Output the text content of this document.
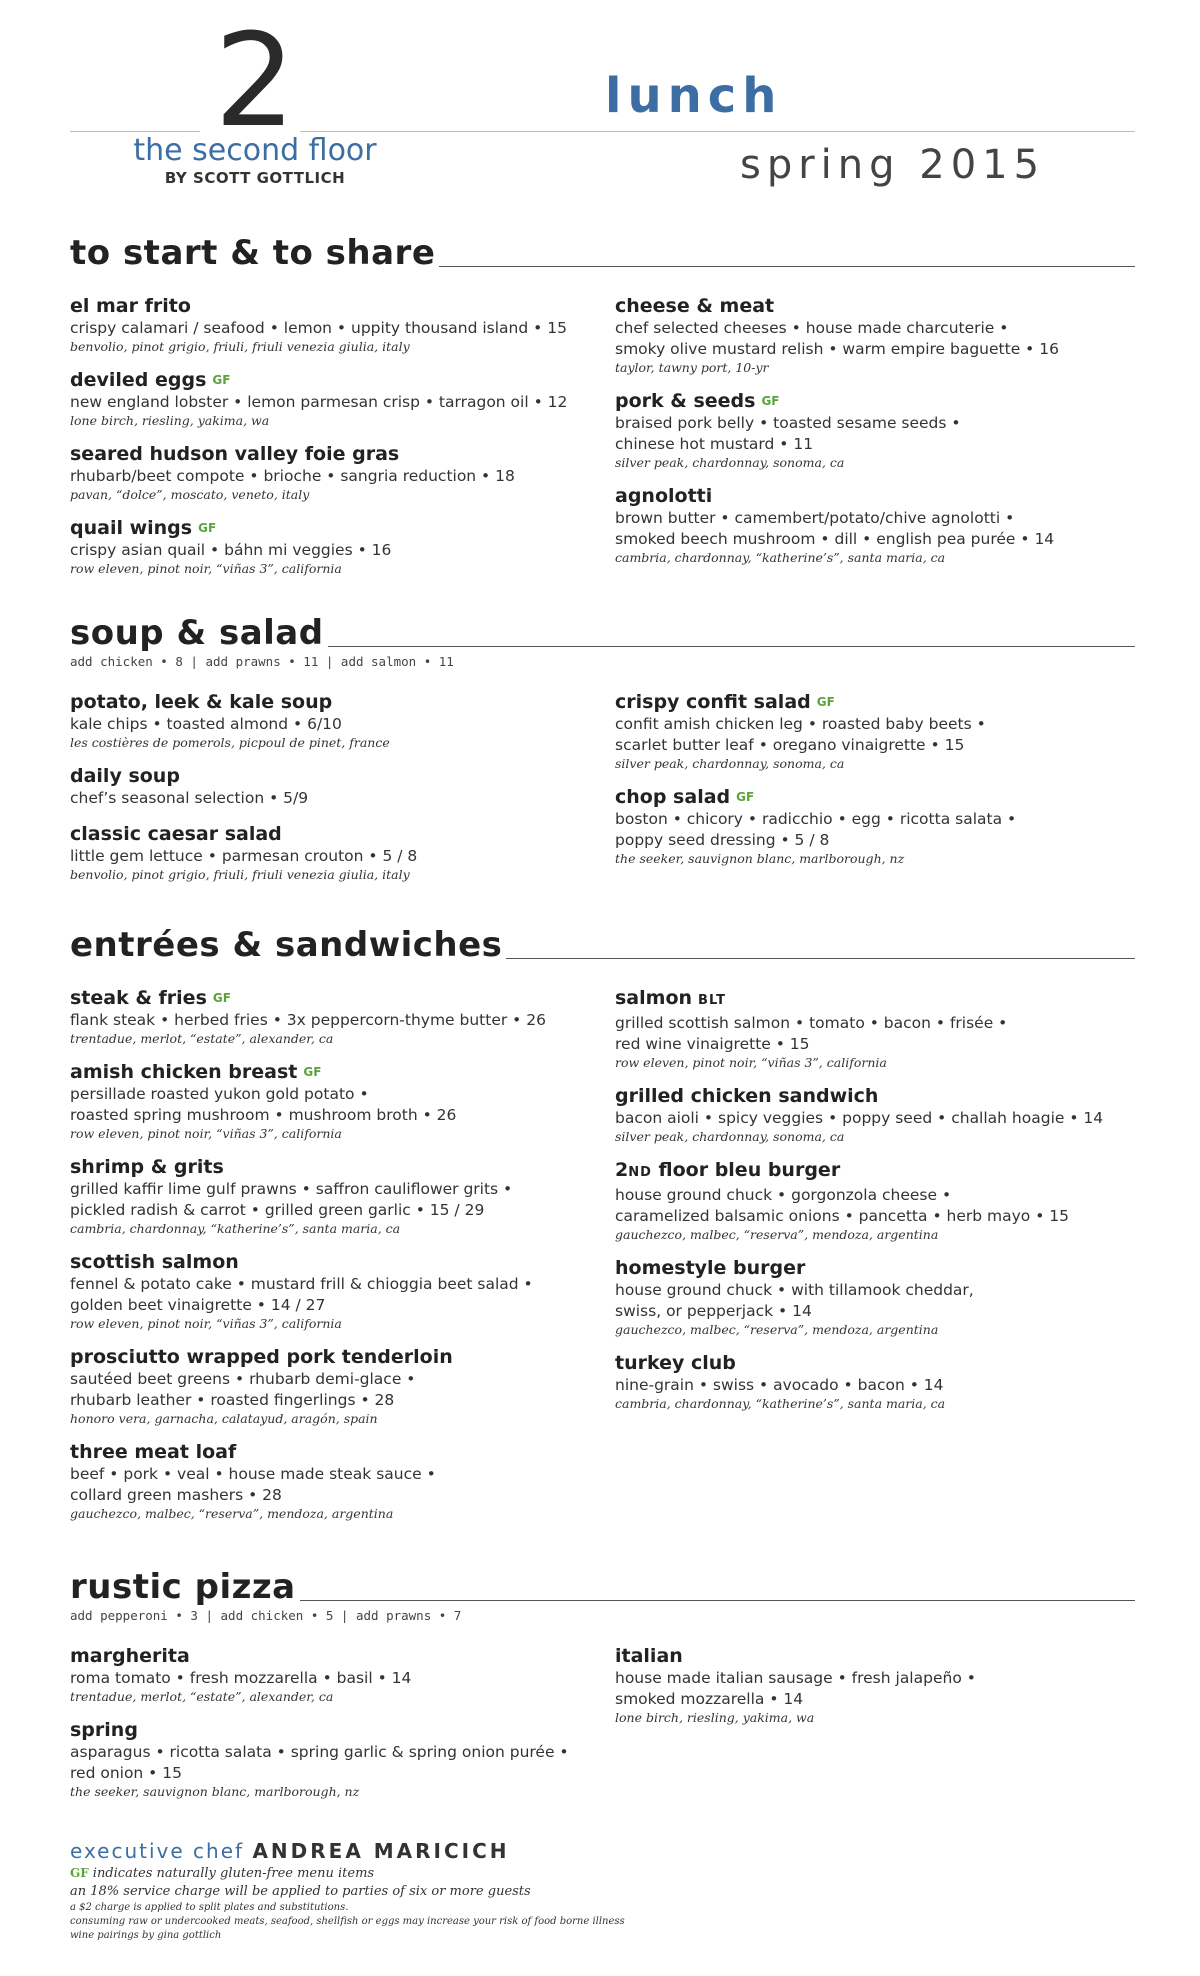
2
the second floor
BY SCOTT GOTTLICH
lunch
spring 2015
to start & to share
el mar frito
crispy calamari / seafood • lemon • uppity thousand island • 15
benvolio, pinot grigio, friuli, friuli venezia giulia, italy
deviled eggs GF
new england lobster • lemon parmesan crisp • tarragon oil • 12
lone birch, riesling, yakima, wa
seared hudson valley foie gras
rhubarb/beet compote • brioche • sangria reduction • 18
pavan, “dolce”, moscato, veneto, italy
quail wings GF
crispy asian quail • báhn mi veggies • 16
row eleven, pinot noir, “viñas 3”, california
cheese & meat
chef selected cheeses • house made charcuterie •
smoky olive mustard relish • warm empire baguette • 16
taylor, tawny port, 10-yr
pork & seeds GF
braised pork belly • toasted sesame seeds •
chinese hot mustard • 11
silver peak, chardonnay, sonoma, ca
agnolotti
brown butter • camembert/potato/chive agnolotti •
smoked beech mushroom • dill • english pea purée • 14
cambria, chardonnay, “katherine’s”, santa maria, ca
soup & salad
add chicken • 8 | add prawns • 11 | add salmon • 11
potato, leek & kale soup
kale chips • toasted almond • 6/10
les costières de pomerols, picpoul de pinet, france
daily soup
chef’s seasonal selection • 5/9
classic caesar salad
little gem lettuce • parmesan crouton • 5 / 8
benvolio, pinot grigio, friuli, friuli venezia giulia, italy
crispy confit salad GF
confit amish chicken leg • roasted baby beets •
scarlet butter leaf • oregano vinaigrette • 15
silver peak, chardonnay, sonoma, ca
chop salad GF
boston • chicory • radicchio • egg • ricotta salata •
poppy seed dressing • 5 / 8
the seeker, sauvignon blanc, marlborough, nz
entrées & sandwiches
steak & fries GF
flank steak • herbed fries • 3x peppercorn-thyme butter • 26
trentadue, merlot, “estate”, alexander, ca
amish chicken breast GF
persillade roasted yukon gold potato •
roasted spring mushroom • mushroom broth • 26
row eleven, pinot noir, “viñas 3”, california
shrimp & grits
grilled kaffir lime gulf prawns • saffron cauliflower grits •
pickled radish & carrot • grilled green garlic • 15 / 29
cambria, chardonnay, “katherine’s”, santa maria, ca
scottish salmon
fennel & potato cake • mustard frill & chioggia beet salad •
golden beet vinaigrette • 14 / 27
row eleven, pinot noir, “viñas 3”, california
prosciutto wrapped pork tenderloin
sautéed beet greens • rhubarb demi-glace •
rhubarb leather • roasted fingerlings • 28
honoro vera, garnacha, calatayud, aragón, spain
three meat loaf
beef • pork • veal • house made steak sauce •
collard green mashers • 28
gauchezco, malbec, “reserva”, mendoza, argentina
salmon BLT
grilled scottish salmon • tomato • bacon • frisée •
red wine vinaigrette • 15
row eleven, pinot noir, “viñas 3”, california
grilled chicken sandwich
bacon aioli • spicy veggies • poppy seed • challah hoagie • 14
silver peak, chardonnay, sonoma, ca
2ND floor bleu burger
house ground chuck • gorgonzola cheese •
caramelized balsamic onions • pancetta • herb mayo • 15
gauchezco, malbec, “reserva”, mendoza, argentina
homestyle burger
house ground chuck • with tillamook cheddar,
swiss, or pepperjack • 14
gauchezco, malbec, “reserva”, mendoza, argentina
turkey club
nine-grain • swiss • avocado • bacon • 14
cambria, chardonnay, “katherine’s”, santa maria, ca
rustic pizza
add pepperoni • 3 | add chicken • 5 | add prawns • 7
margherita
roma tomato • fresh mozzarella • basil • 14
trentadue, merlot, “estate”, alexander, ca
spring
asparagus • ricotta salata • spring garlic & spring onion purée •
red onion • 15
the seeker, sauvignon blanc, marlborough, nz
italian
house made italian sausage • fresh jalapeño •
smoked mozzarella • 14
lone birch, riesling, yakima, wa
executive chef ANDREA MARICICH
GF indicates naturally gluten-free menu items
an 18% service charge will be applied to parties of six or more guests
a $2 charge is applied to split plates and substitutions.
consuming raw or undercooked meats, seafood, shellfish or eggs may increase your risk of food borne illness
wine pairings by gina gottlich
